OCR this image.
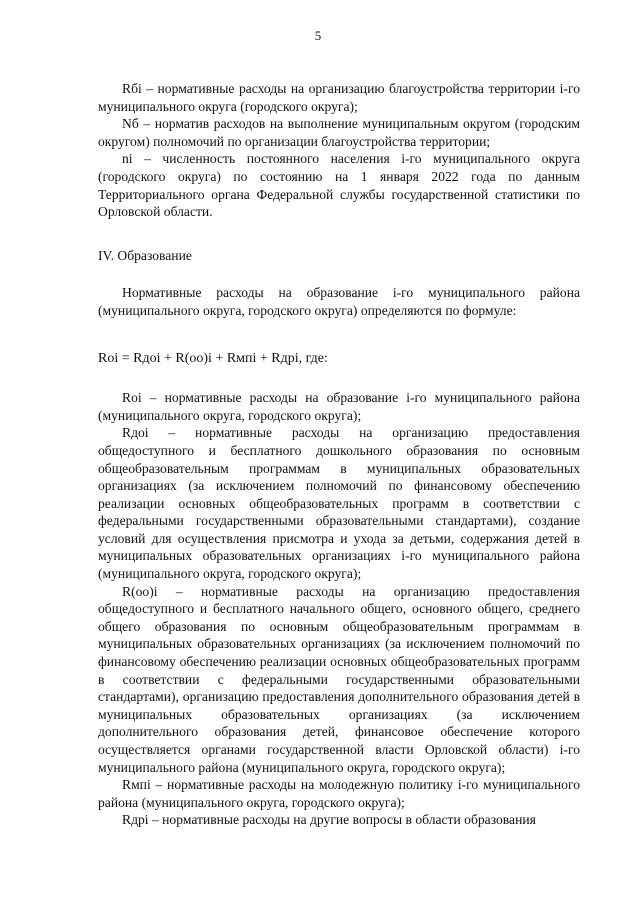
5

Rбi – нормативные расходы на организацию благоустройства территории i-го муниципального округа (городского округа);

Nб – норматив расходов на выполнение муниципальным округом (городским округом) полномочий по организации благоустройства территории;

ni – численность постоянного населения i-го муниципального округа (городского округа) по состоянию на 1 января 2022 года по данным Территориального органа Федеральной службы государственной статистики по Орловской области.

IV. Образование

Нормативные расходы на образование i-го муниципального района (муниципального округа, городского округа) определяются по формуле:

Roi = Rдoi + R(oo)i + Rмпi + Rдрi, где:

Roi – нормативные расходы на образование i-го муниципального района (муниципального округа, городского округа);

Rдoi – нормативные расходы на организацию предоставления общедоступного и бесплатного дошкольного образования по основным общеобразовательным программам в муниципальных образовательных организациях (за исключением полномочий по финансовому обеспечению реализации основных общеобразовательных программ в соответствии с федеральными государственными образовательными стандартами), создание условий для осуществления присмотра и ухода за детьми, содержания детей в муниципальных образовательных организациях i-го муниципального района (муниципального округа, городского округа);

R(oo)i – нормативные расходы на организацию предоставления общедоступного и бесплатного начального общего, основного общего, среднего общего образования по основным общеобразовательным программам в муниципальных образовательных организациях (за исключением полномочий по финансовому обеспечению реализации основных общеобразовательных программ в соответствии с федеральными государственными образовательными стандартами), организацию предоставления дополнительного образования детей в муниципальных образовательных организациях (за исключением дополнительного образования детей, финансовое обеспечение которого осуществляется органами государственной власти Орловской области) i-го муниципального района (муниципального округа, городского округа);

Rмпi – нормативные расходы на молодежную политику i-го муниципального района (муниципального округа, городского округа);

Rдрi – нормативные расходы на другие вопросы в области образования
